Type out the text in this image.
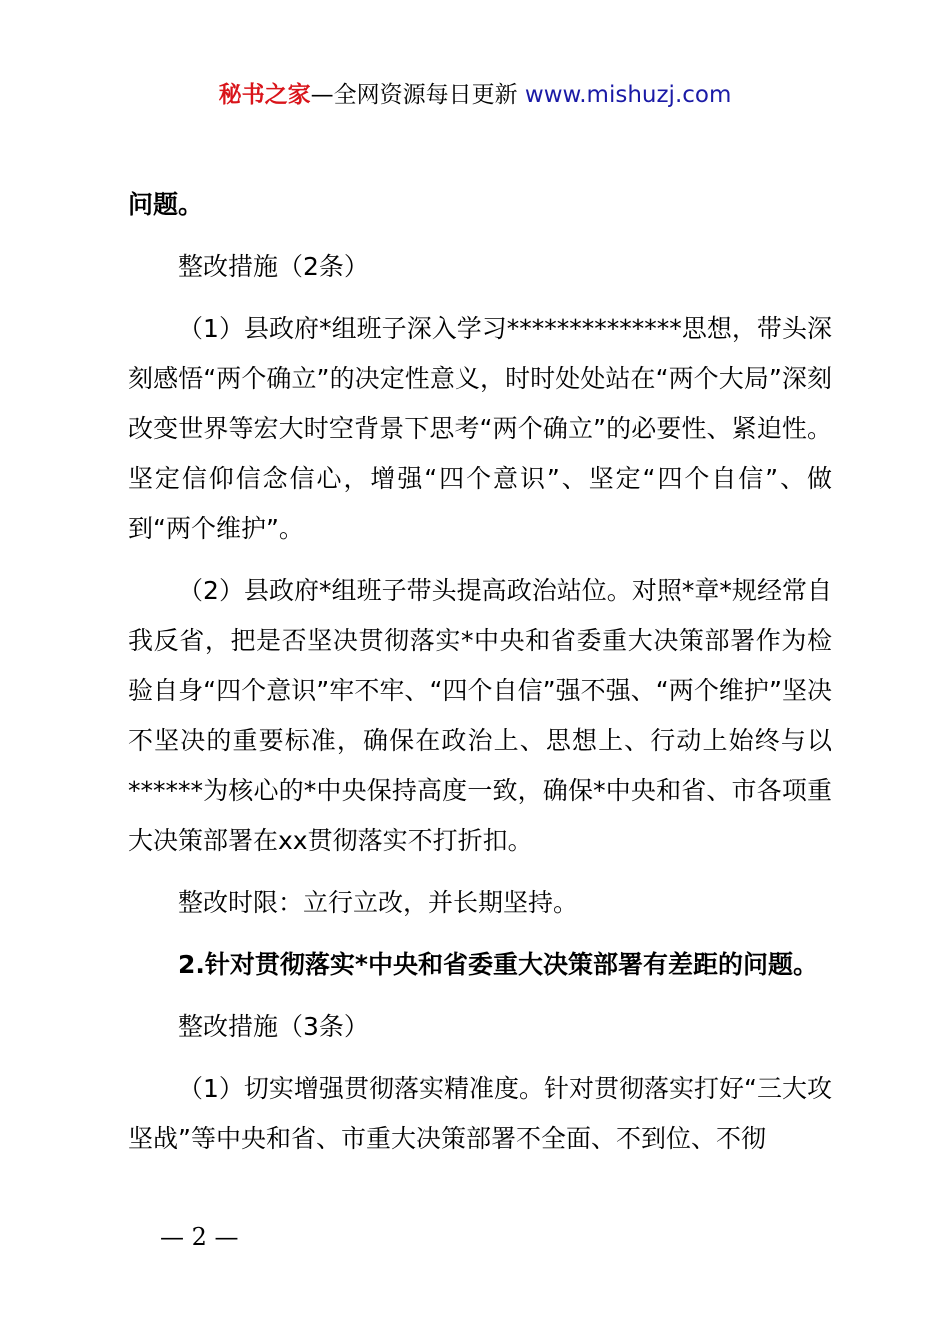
秘书之家—全网资源每日更新 www.mishuzj.com

问题。

整改措施（2条）

（1）县政府*组班子深入学习**************思想，带头深刻感悟“两个确立”的决定性意义，时时处处站在“两个大局”深刻改变世界等宏大时空背景下思考“两个确立”的必要性、紧迫性。坚定信仰信念信心，增强“四个意识”、坚定“四个自信”、做到“两个维护”。

（2）县政府*组班子带头提高政治站位。对照*章*规经常自我反省，把是否坚决贯彻落实*中央和省委重大决策部署作为检验自身“四个意识”牢不牢、“四个自信”强不强、“两个维护”坚决不坚决的重要标准，确保在政治上、思想上、行动上始终与以******为核心的*中央保持高度一致，确保*中央和省、市各项重大决策部署在xx贯彻落实不打折扣。

整改时限：立行立改，并长期坚持。

2.针对贯彻落实*中央和省委重大决策部署有差距的问题。

整改措施（3条）

（1）切实增强贯彻落实精准度。针对贯彻落实打好“三大攻坚战”等中央和省、市重大决策部署不全面、不到位、不彻

— 2 —
